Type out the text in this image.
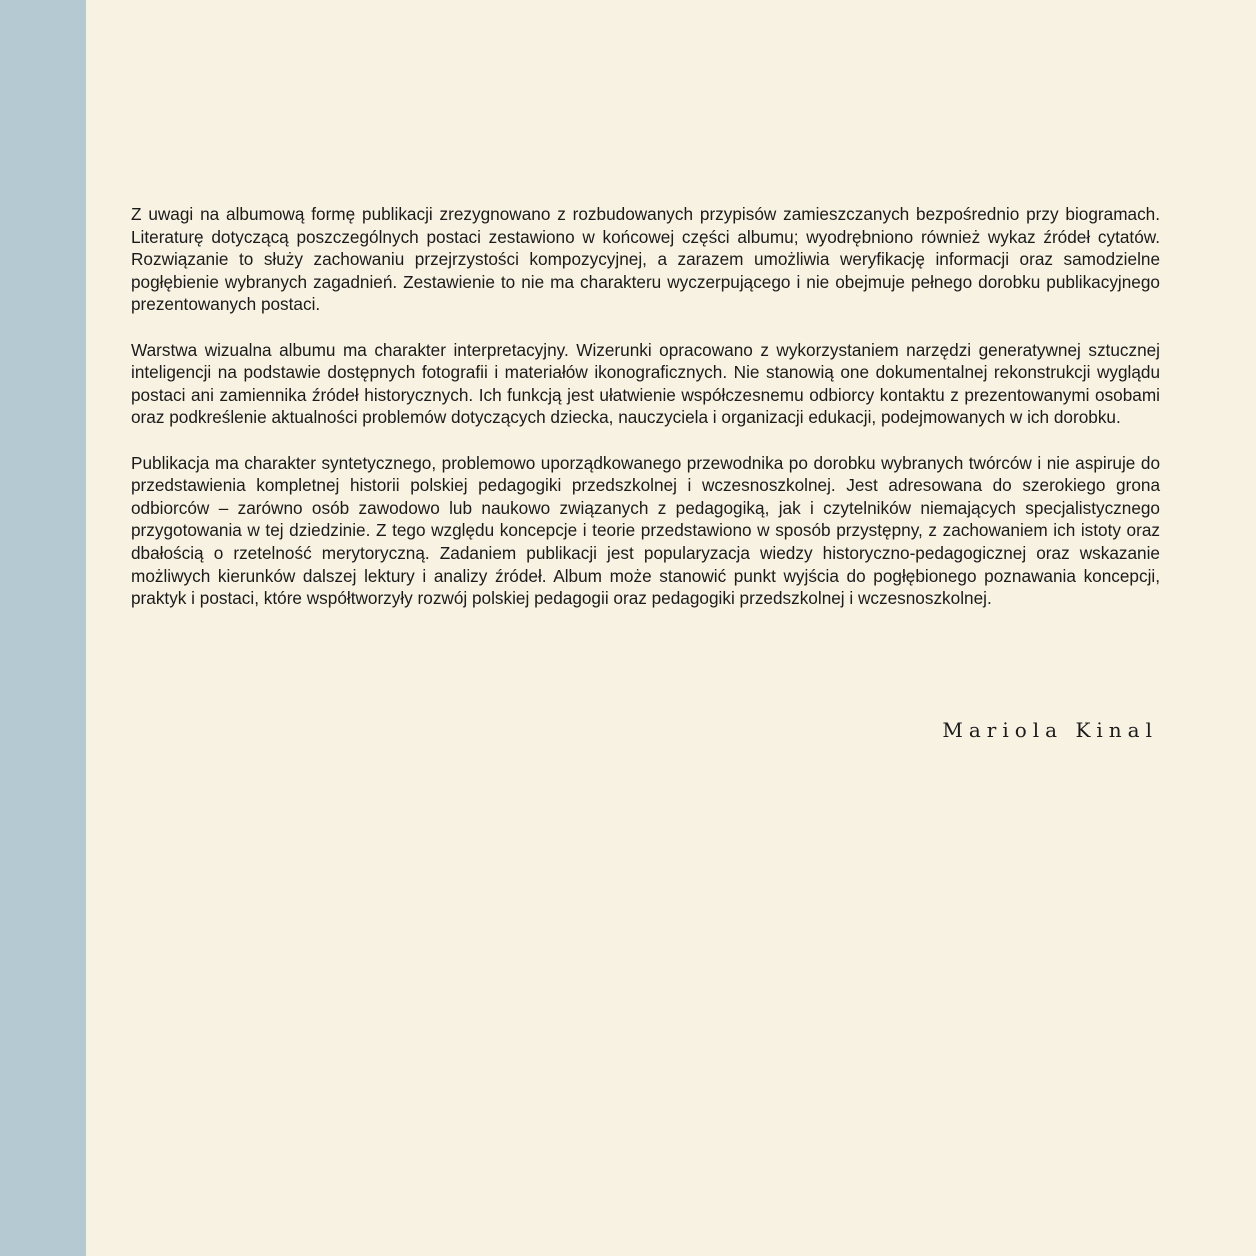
Z uwagi na albumową formę publikacji zrezygnowano z rozbudowanych przypisów zamieszczanych bezpośrednio przy biogramach. Literaturę dotyczącą poszczególnych postaci zestawiono w końcowej części albumu; wyodrębniono również wykaz źródeł cytatów. Rozwiązanie to służy zachowaniu przejrzystości kompozycyjnej, a zarazem umożliwia weryfikację informacji oraz samodzielne pogłębienie wybranych zagadnień. Zestawienie to nie ma charakteru wyczerpującego i nie obejmuje pełnego dorobku publikacyjnego prezentowanych postaci.

Warstwa wizualna albumu ma charakter interpretacyjny. Wizerunki opracowano z wykorzystaniem narzędzi generatywnej sztucznej inteligencji na podstawie dostępnych fotografii i materiałów ikonograficznych. Nie stanowią one dokumentalnej rekonstrukcji wyglądu postaci ani zamiennika źródeł historycznych. Ich funkcją jest ułatwienie współczesnemu odbiorcy kontaktu z prezentowanymi osobami oraz podkreślenie aktualności problemów dotyczących dziecka, nauczyciela i organizacji edukacji, podejmowanych w ich dorobku.

Publikacja ma charakter syntetycznego, problemowo uporządkowanego przewodnika po dorobku wybranych twórców i nie aspiruje do przedstawienia kompletnej historii polskiej pedagogiki przedszkolnej i wczesnoszkolnej. Jest adresowana do szerokiego grona odbiorców – zarówno osób zawodowo lub naukowo związanych z pedagogiką, jak i czytelników niemających specjalistycznego przygotowania w tej dziedzinie. Z tego względu koncepcje i teorie przedstawiono w sposób przystępny, z zachowaniem ich istoty oraz dbałością o rzetelność merytoryczną. Zadaniem publikacji jest popularyzacja wiedzy historyczno-pedagogicznej oraz wskazanie możliwych kierunków dalszej lektury i analizy źródeł. Album może stanowić punkt wyjścia do pogłębionego poznawania koncepcji, praktyk i postaci, które współtworzyły rozwój polskiej pedagogii oraz pedagogiki przedszkolnej i wczesnoszkolnej.

Mariola Kinal
